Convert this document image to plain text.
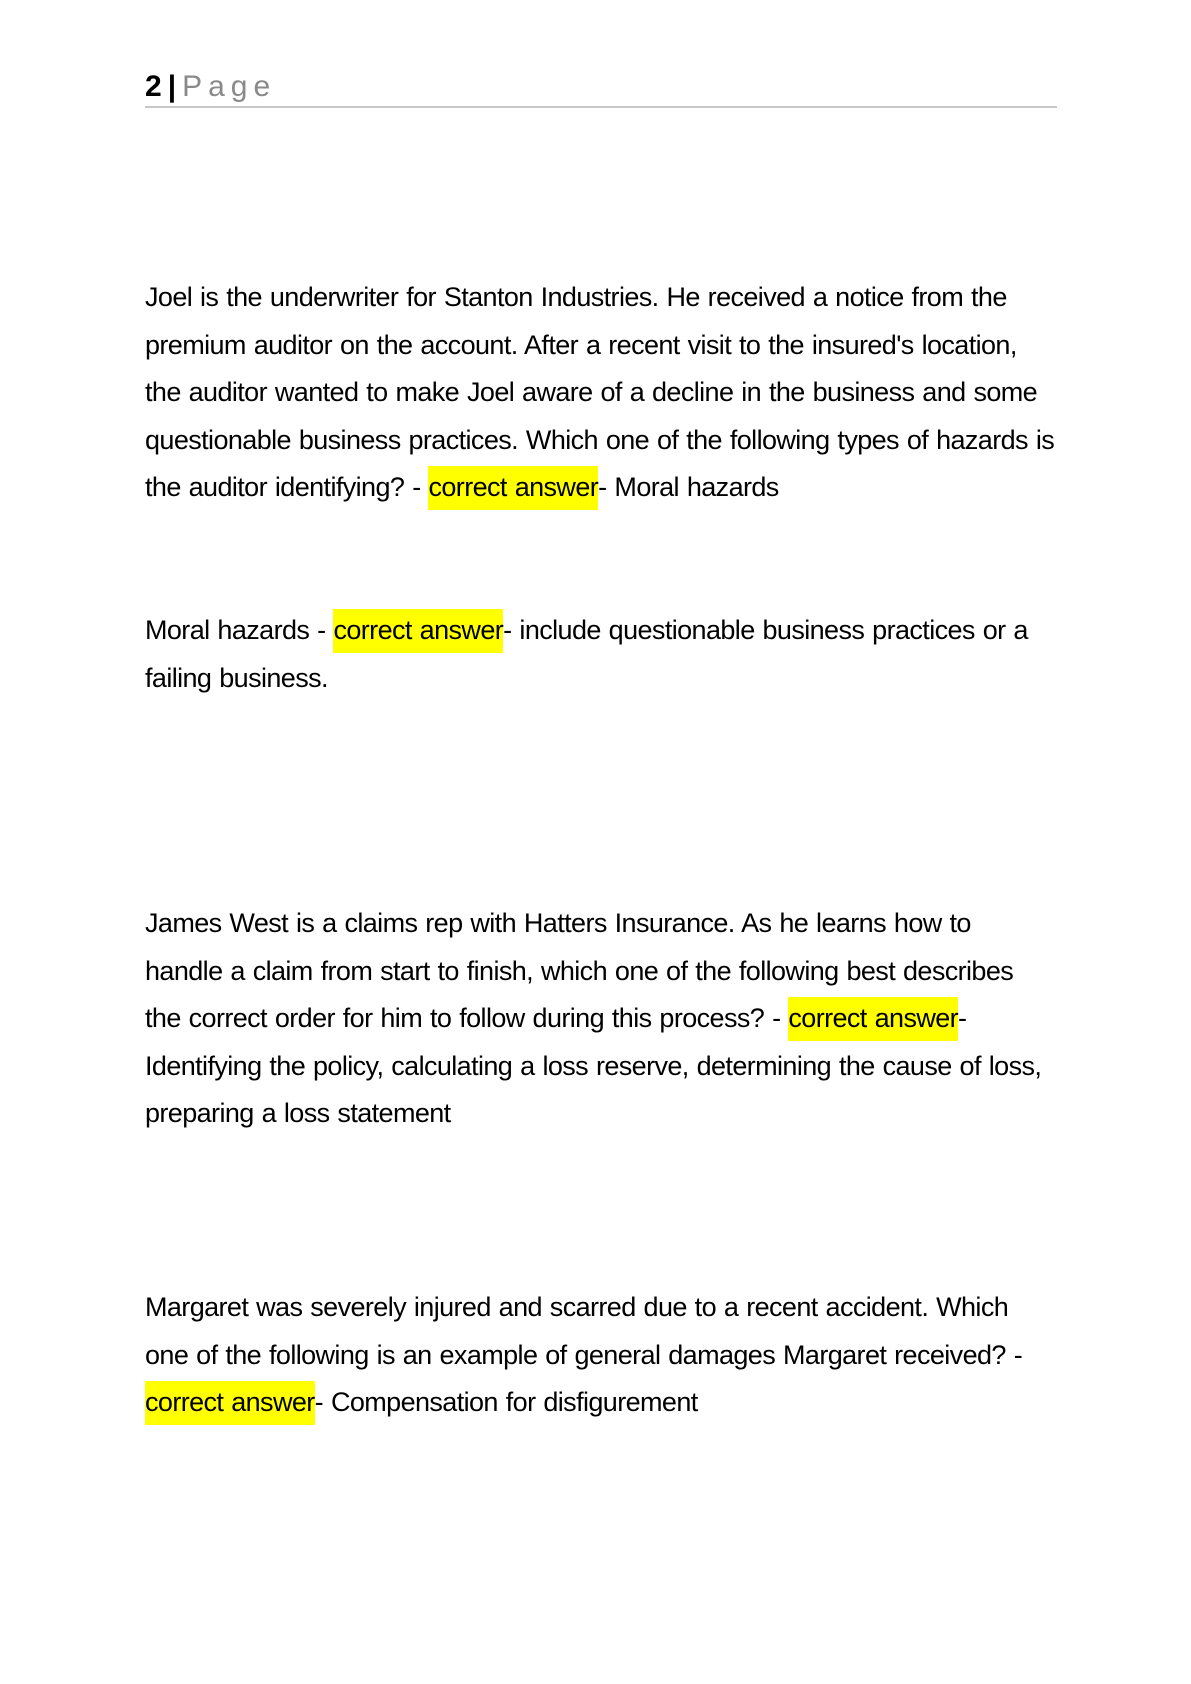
2 | Page
Joel is the underwriter for Stanton Industries. He received a notice from the premium auditor on the account. After a recent visit to the insured's location, the auditor wanted to make Joel aware of a decline in the business and some questionable business practices. Which one of the following types of hazards is the auditor identifying? - correct answer- Moral hazards
Moral hazards - correct answer- include questionable business practices or a failing business.
James West is a claims rep with Hatters Insurance. As he learns how to handle a claim from start to finish, which one of the following best describes the correct order for him to follow during this process? - correct answer- Identifying the policy, calculating a loss reserve, determining the cause of loss, preparing a loss statement
Margaret was severely injured and scarred due to a recent accident. Which one of the following is an example of general damages Margaret received? - correct answer- Compensation for disfigurement
